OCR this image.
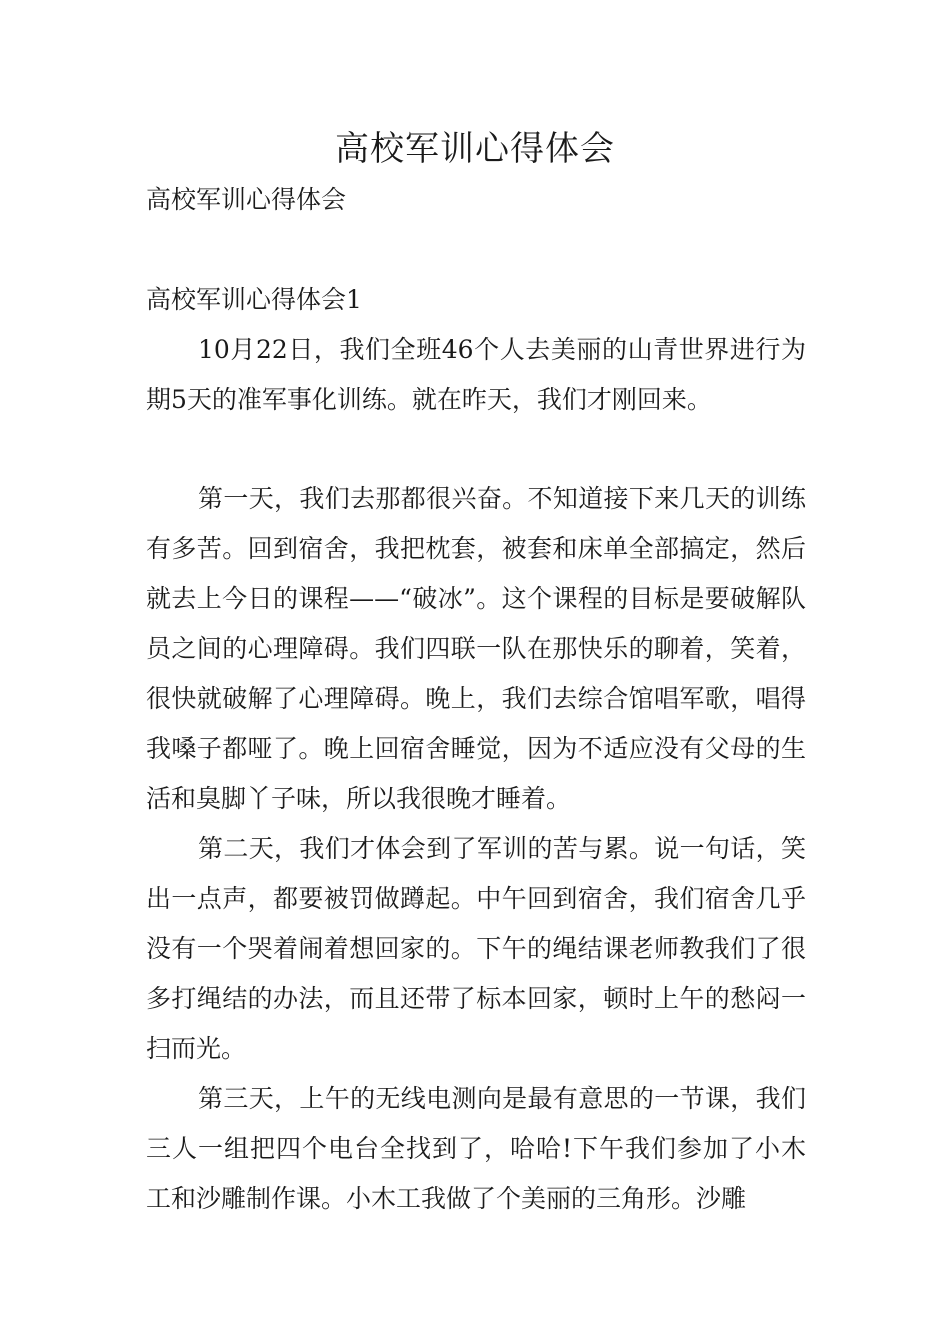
高校军训心得体会
高校军训心得体会
高校军训心得体会1

10月22日，我们全班46个人去美丽的山青世界进行为期5天的准军事化训练。就在昨天，我们才刚回来。

第一天，我们去那都很兴奋。不知道接下来几天的训练有多苦。回到宿舍，我把枕套，被套和床单全部搞定，然后就去上今日的课程——“破冰”。这个课程的目标是要破解队员之间的心理障碍。我们四联一队在那快乐的聊着，笑着，很快就破解了心理障碍。晚上，我们去综合馆唱军歌，唱得我嗓子都哑了。晚上回宿舍睡觉，因为不适应没有父母的生活和臭脚丫子味，所以我很晚才睡着。

第二天，我们才体会到了军训的苦与累。说一句话，笑出一点声，都要被罚做蹲起。中午回到宿舍，我们宿舍几乎没有一个哭着闹着想回家的。下午的绳结课老师教我们了很多打绳结的办法，而且还带了标本回家，顿时上午的愁闷一扫而光。

第三天，上午的无线电测向是最有意思的一节课，我们三人一组把四个电台全找到了，哈哈!下午我们参加了小木工和沙雕制作课。小木工我做了个美丽的三角形。沙雕
